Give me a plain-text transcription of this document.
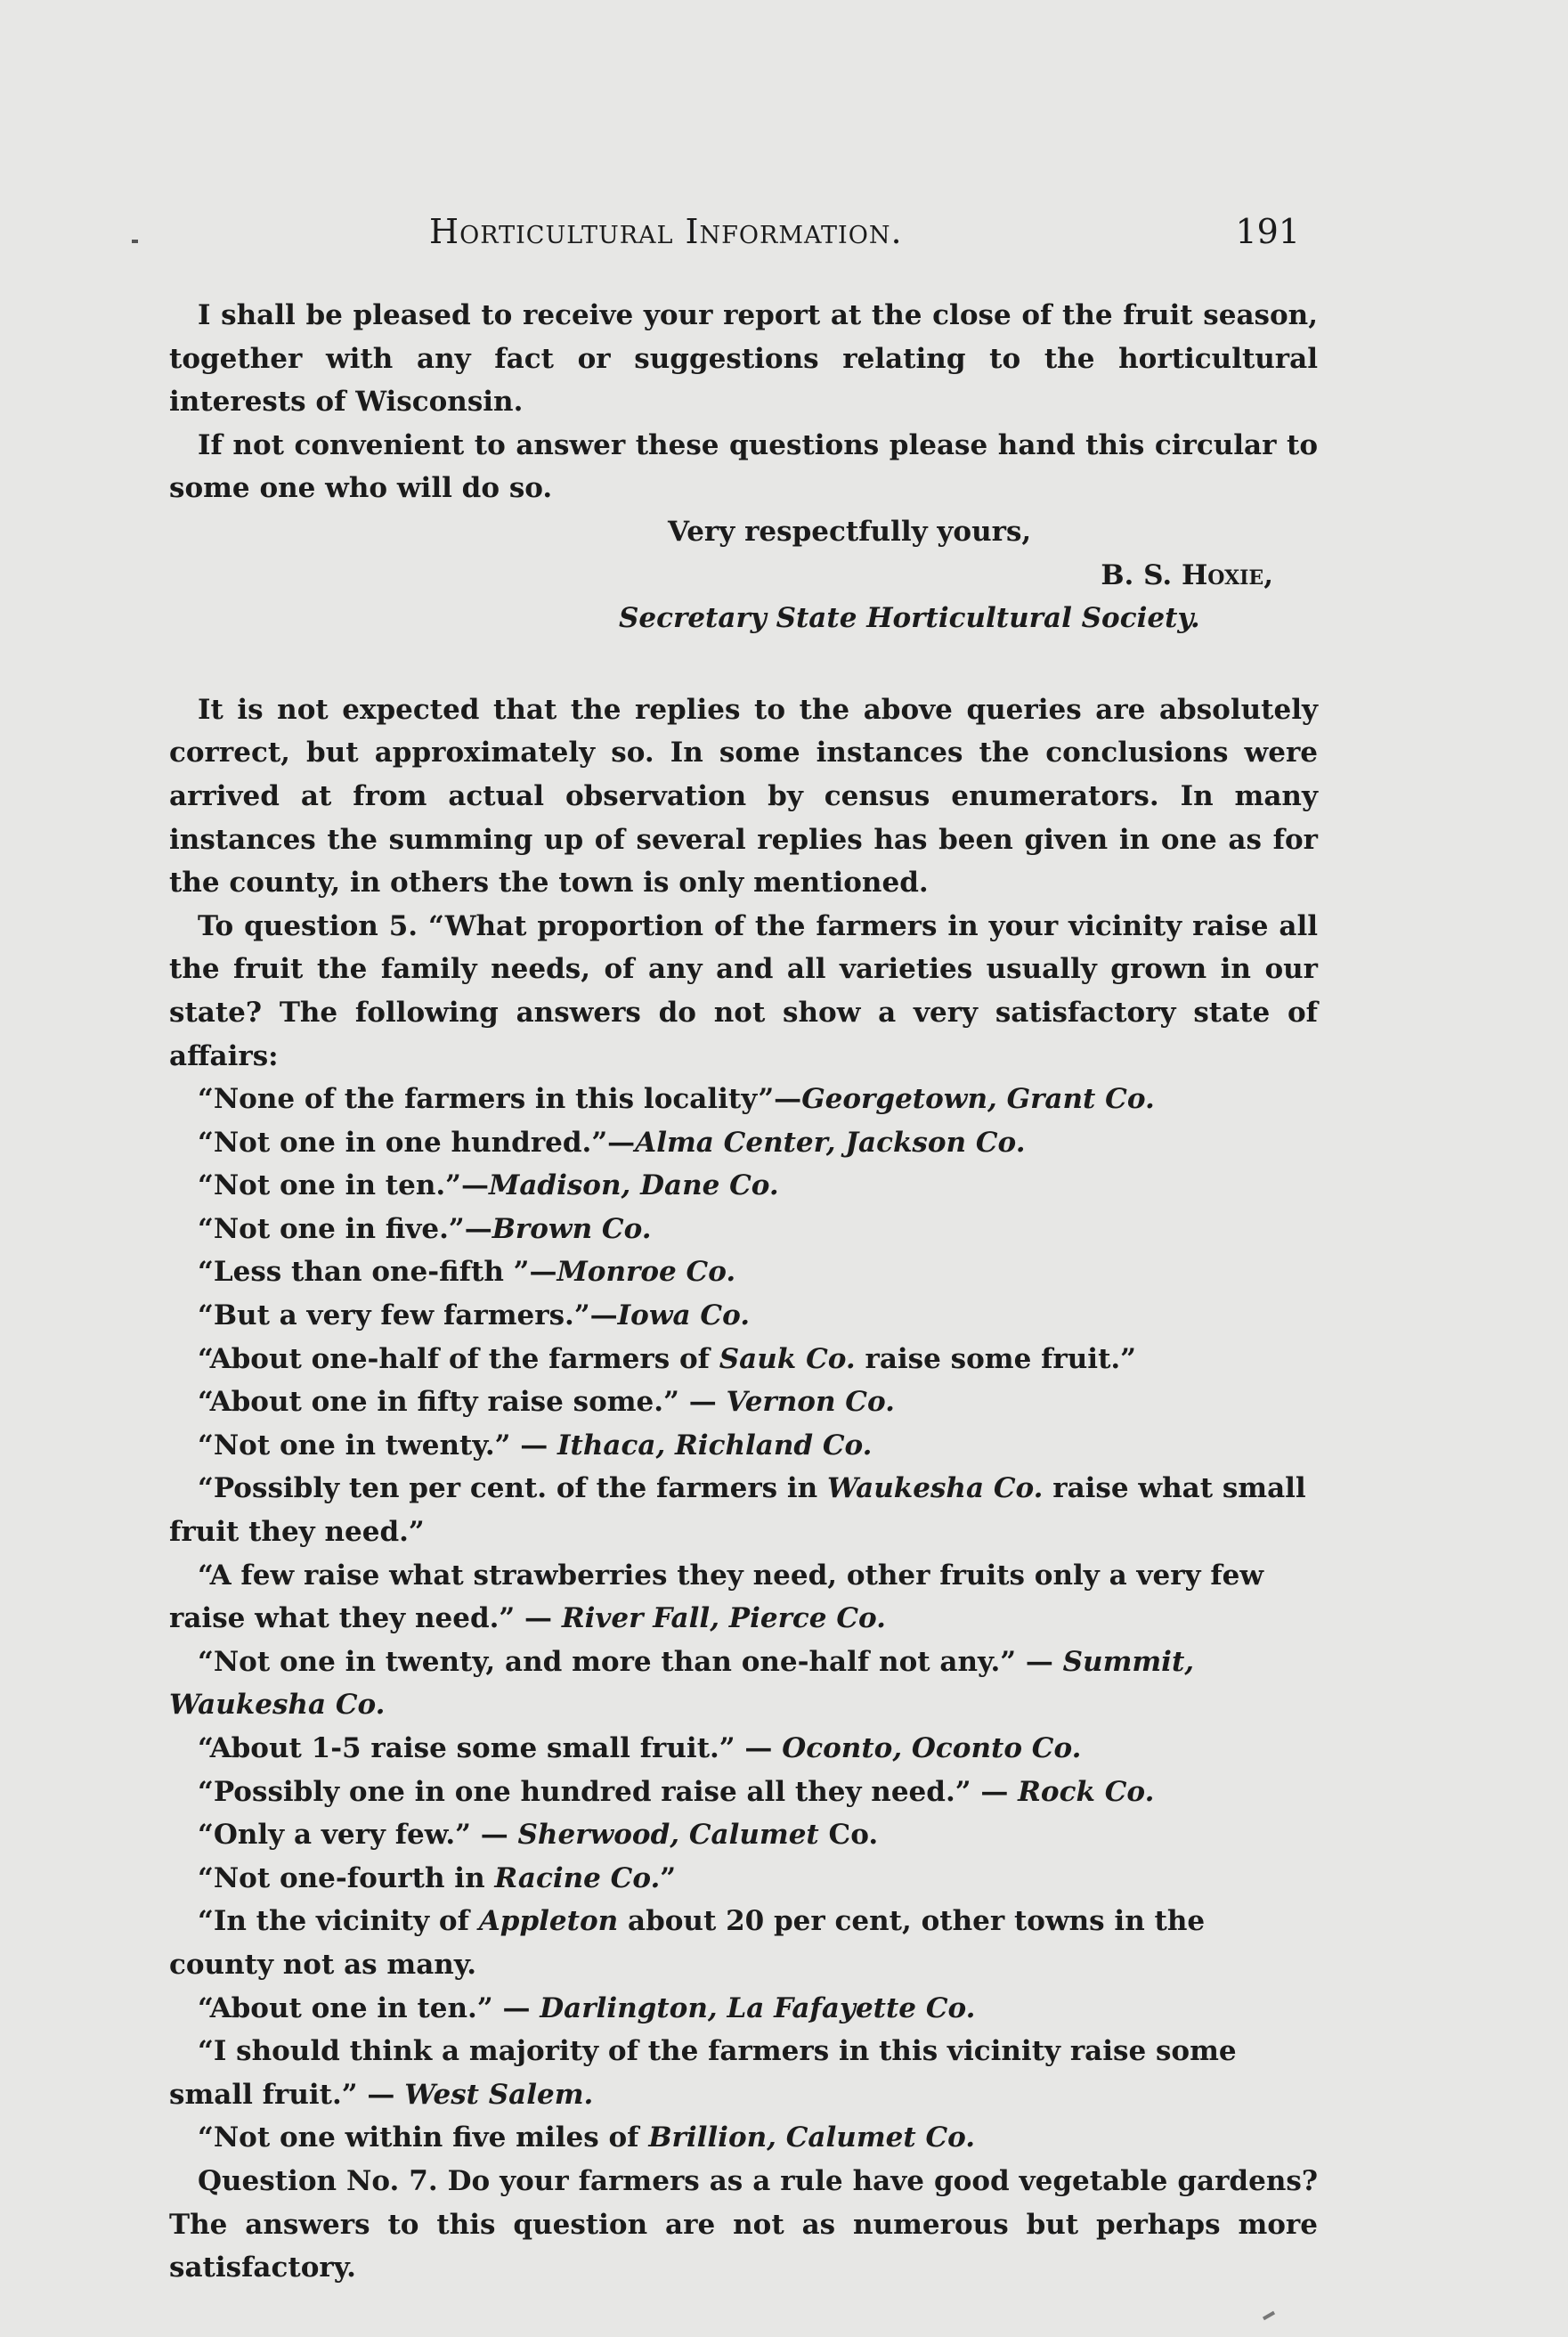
Horticultural Information.	191

I shall be pleased to receive your report at the close of the fruit season, together with any fact or suggestions relating to the horticultural interests of Wisconsin.

If not convenient to answer these questions please hand this circular to some one who will do so.

Very respectfully yours,

B. S. Hoxie,

Secretary State Horticultural Society.

It is not expected that the replies to the above queries are absolutely correct, but approximately so. In some instances the conclusions were arrived at from actual observation by census enumerators. In many instances the summing up of several replies has been given in one as for the county, in others the town is only mentioned.

To question 5. “What proportion of the farmers in your vicinity raise all the fruit the family needs, of any and all varieties usually grown in our state? The following answers do not show a very satisfactory state of affairs:

“None of the farmers in this locality”—Georgetown, Grant Co.

“Not one in one hundred.”—Alma Center, Jackson Co.

“Not one in ten.”—Madison, Dane Co.

“Not one in five.”—Brown Co.

“Less than one-fifth ”—Monroe Co.

“But a very few farmers.”—Iowa Co.

“About one-half of the farmers of Sauk Co. raise some fruit.”

“About one in fifty raise some.” — Vernon Co.

“Not one in twenty.” — Ithaca, Richland Co.

“Possibly ten per cent. of the farmers in Waukesha Co. raise what small fruit they need.”

“A few raise what strawberries they need, other fruits only a very few raise what they need.” — River Fall, Pierce Co.

“Not one in twenty, and more than one-half not any.” — Summit, Waukesha Co.

“About 1-5 raise some small fruit.” — Oconto, Oconto Co.

“Possibly one in one hundred raise all they need.” — Rock Co.

“Only a very few.” — Sherwood, Calumet Co.

“Not one-fourth in Racine Co.”

“In the vicinity of Appleton about 20 per cent, other towns in the county not as many.

“About one in ten.” — Darlington, La Fafayette Co.

“I should think a majority of the farmers in this vicinity raise some small fruit.” — West Salem.

“Not one within five miles of Brillion, Calumet Co.

Question No. 7. Do your farmers as a rule have good vegetable gardens? The answers to this question are not as numerous but perhaps more satisfactory.
